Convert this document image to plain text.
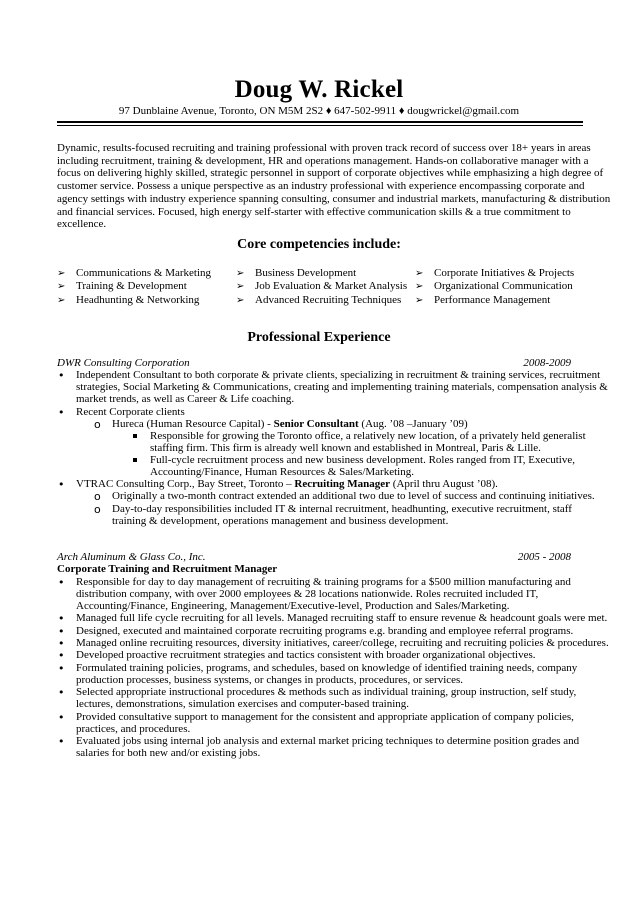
Doug W. Rickel
97 Dunblaine Avenue, Toronto, ON M5M 2S2 ♦ 647-502-9911 ♦ dougwrickel@gmail.com
Dynamic, results-focused recruiting and training professional with proven track record of success over 18+ years in areas
including recruitment, training & development, HR and operations management. Hands-on collaborative manager with a
focus on delivering highly skilled, strategic personnel in support of corporate objectives while emphasizing a high degree of
customer service. Possess a unique perspective as an industry professional with experience encompassing corporate and
agency settings with industry experience spanning consulting, consumer and industrial markets, manufacturing & distribution
and financial services. Focused, high energy self-starter with effective communication skills & a true commitment to
excellence.
Core competencies include:
➢ Communications & Marketing
➢ Training & Development
➢ Headhunting & Networking
➢ Business Development
➢ Job Evaluation & Market Analysis
➢ Advanced Recruiting Techniques
➢ Corporate Initiatives & Projects
➢ Organizational Communication
➢ Performance Management
Professional Experience
DWR Consulting Corporation	2008-2009
• Independent Consultant to both corporate & private clients, specializing in recruitment & training services, recruitment
strategies, Social Marketing & Communications, creating and implementing training materials, compensation analysis &
market trends, as well as Career & Life coaching.
• Recent Corporate clients
o Hureca (Human Resource Capital) - Senior Consultant (Aug. ’08 –January ’09)
Responsible for growing the Toronto office, a relatively new location, of a privately held generalist
staffing firm. This firm is already well known and established in Montreal, Paris & Lille.
Full-cycle recruitment process and new business development. Roles ranged from IT, Executive,
Accounting/Finance, Human Resources & Sales/Marketing.
• VTRAC Consulting Corp., Bay Street, Toronto – Recruiting Manager (April thru August ’08).
o Originally a two-month contract extended an additional two due to level of success and continuing initiatives.
o Day-to-day responsibilities included IT & internal recruitment, headhunting, executive recruitment, staff
training & development, operations management and business development.
Arch Aluminum & Glass Co., Inc.	2005 - 2008
Corporate Training and Recruitment Manager
• Responsible for day to day management of recruiting & training programs for a $500 million manufacturing and
distribution company, with over 2000 employees & 28 locations nationwide. Roles recruited included IT,
Accounting/Finance, Engineering, Management/Executive-level, Production and Sales/Marketing.
• Managed full life cycle recruiting for all levels. Managed recruiting staff to ensure revenue & headcount goals were met.
• Designed, executed and maintained corporate recruiting programs e.g. branding and employee referral programs.
• Managed online recruiting resources, diversity initiatives, career/college, recruiting and recruiting policies & procedures.
• Developed proactive recruitment strategies and tactics consistent with broader organizational objectives.
• Formulated training policies, programs, and schedules, based on knowledge of identified training needs, company
production processes, business systems, or changes in products, procedures, or services.
• Selected appropriate instructional procedures & methods such as individual training, group instruction, self study,
lectures, demonstrations, simulation exercises and computer-based training.
• Provided consultative support to management for the consistent and appropriate application of company policies,
practices, and procedures.
• Evaluated jobs using internal job analysis and external market pricing techniques to determine position grades and
salaries for both new and/or existing jobs.
